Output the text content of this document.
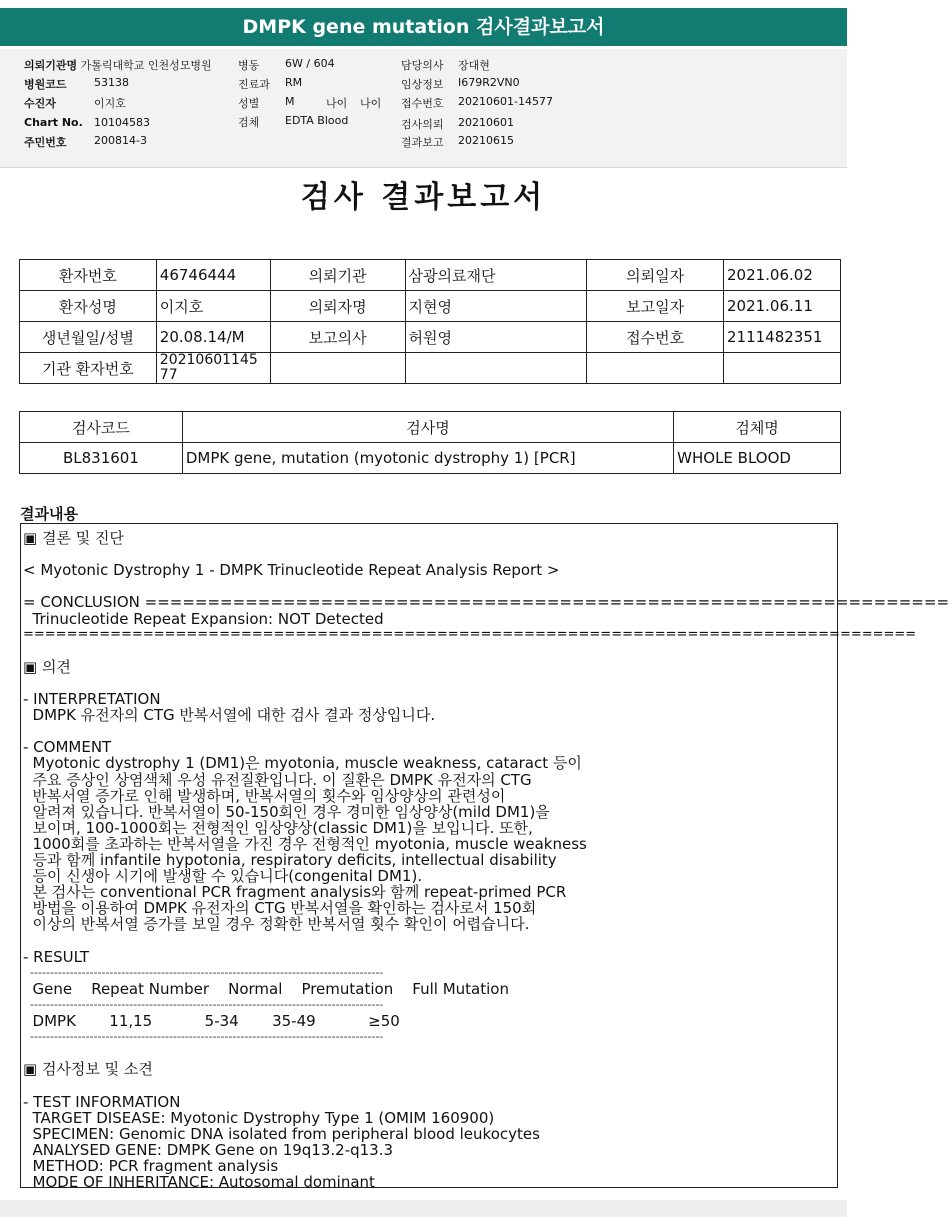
DMPK gene mutation 검사결과보고서
의뢰기관명 가톨릭대학교 인천성모병원
병원코드 53138
수진자	이지호
Chart No. 10104583
주민번호 200814-3
병동 6W / 604
진료과 RM
성별 M	나이 나이
검체 EDTA Blood
담당의사 장대현
임상정보 I679R2VN0
접수번호 20210601-14577
검사의뢰 20210601
결과보고 20210615
검사 결과보고서
환자번호	46746444	의뢰기관	삼광의료재단	의뢰일자	2021.06.02
환자성명	이지호	의뢰자명	지현영	보고일자	2021.06.11
생년월일/성별	20.08.14/M	보고의사	허원영	접수번호	2111482351
기관 환자번호	20210601145
77				
검사코드	검사명	검체명
BL831601	DMPK gene, mutation (myotonic dystrophy 1) [PCR]	WHOLE BLOOD
결과내용
▣ 결론 및 진단
< Myotonic Dystrophy 1 - DMPK Trinucleotide Repeat Analysis Report >
= CONCLUSION ================================================================
Trinucleotide Repeat Expansion: NOT Detected
==================================================================================
▣ 의견
- INTERPRETATION
DMPK 유전자의 CTG 반복서열에 대한 검사 결과 정상입니다.
- COMMENT
Myotonic dystrophy 1 (DM1)은 myotonia, muscle weakness, cataract 등이
주요 증상인 상염색체 우성 유전질환입니다. 이 질환은 DMPK 유전자의 CTG
반복서열 증가로 인해 발생하며, 반복서열의 횟수와 임상양상의 관련성이
알려져 있습니다. 반복서열이 50-150회인 경우 경미한 임상양상(mild DM1)을
보이며, 100-1000회는 전형적인 임상양상(classic DM1)을 보입니다. 또한,
1000회를 초과하는 반복서열을 가진 경우 전형적인 myotonia, muscle weakness
등과 함께 infantile hypotonia, respiratory deficits, intellectual disability
등이 신생아 시기에 발생할 수 있습니다(congenital DM1).
본 검사는 conventional PCR fragment analysis와 함께 repeat-primed PCR
방법을 이용하여 DMPK 유전자의 CTG 반복서열을 확인하는 검사로서 150회
이상의 반복서열 증가를 보일 경우 정확한 반복서열 횟수 확인이 어렵습니다.
- RESULT
-----------------------------------------------------------------------------------------
Gene    Repeat Number    Normal    Premutation    Full Mutation
-----------------------------------------------------------------------------------------
DMPK       11,15           5-34       35-49           ≥50
-----------------------------------------------------------------------------------------
▣ 검사정보 및 소견
- TEST INFORMATION
TARGET DISEASE: Myotonic Dystrophy Type 1 (OMIM 160900)
SPECIMEN: Genomic DNA isolated from peripheral blood leukocytes
ANALYSED GENE: DMPK Gene on 19q13.2-q13.3
METHOD: PCR fragment analysis
MODE OF INHERITANCE: Autosomal dominant
